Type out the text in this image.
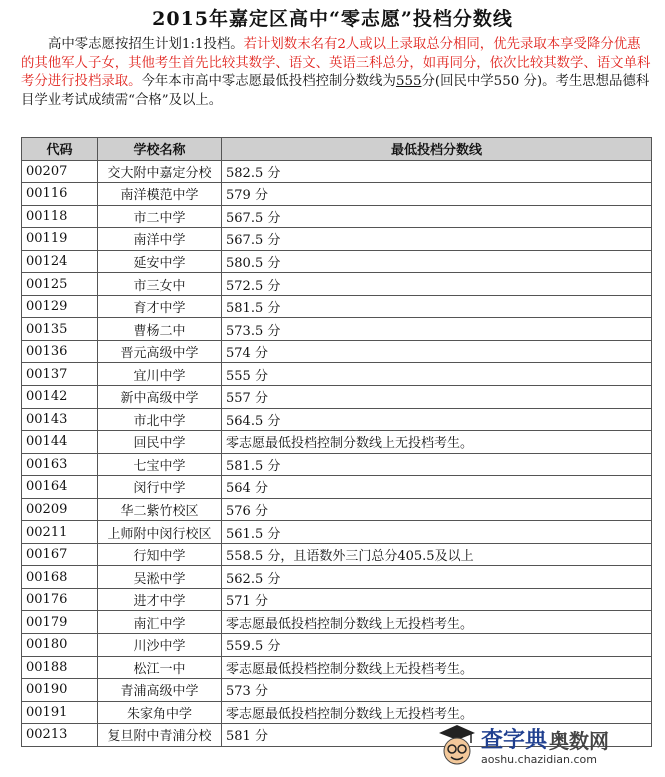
2015年嘉定区高中“零志愿”投档分数线
高中零志愿按招生计划1:1投档。若计划数末名有2人或以上录取总分相同，优先录取本享受降分优惠的其他军人子女，其他考生首先比较其数学、语文、英语三科总分，如再同分，依次比较其数学、语文单科考分进行投档录取。今年本市高中零志愿最低投档控制分数线为555分(回民中学550 分)。考生思想品德科目学业考试成绩需“合格”及以上。
代码	学校名称	最低投档分数线
00207	交大附中嘉定分校	582.5 分
00116	南洋模范中学	579 分
00118	市二中学	567.5 分
00119	南洋中学	567.5 分
00124	延安中学	580.5 分
00125	市三女中	572.5 分
00129	育才中学	581.5 分
00135	曹杨二中	573.5 分
00136	晋元高级中学	574 分
00137	宜川中学	555 分
00142	新中高级中学	557 分
00143	市北中学	564.5 分
00144	回民中学	零志愿最低投档控制分数线上无投档考生。
00163	七宝中学	581.5 分
00164	闵行中学	564 分
00209	华二紫竹校区	576 分
00211	上师附中闵行校区	561.5 分
00167	行知中学	558.5 分，且语数外三门总分405.5及以上
00168	吴淞中学	562.5 分
00176	进才中学	571 分
00179	南汇中学	零志愿最低投档控制分数线上无投档考生。
00180	川沙中学	559.5 分
00188	松江一中	零志愿最低投档控制分数线上无投档考生。
00190	青浦高级中学	573 分
00191	朱家角中学	零志愿最低投档控制分数线上无投档考生。
00213	复旦附中青浦分校	581 分	查字典 奥数网
aoshu.chazidian.com
